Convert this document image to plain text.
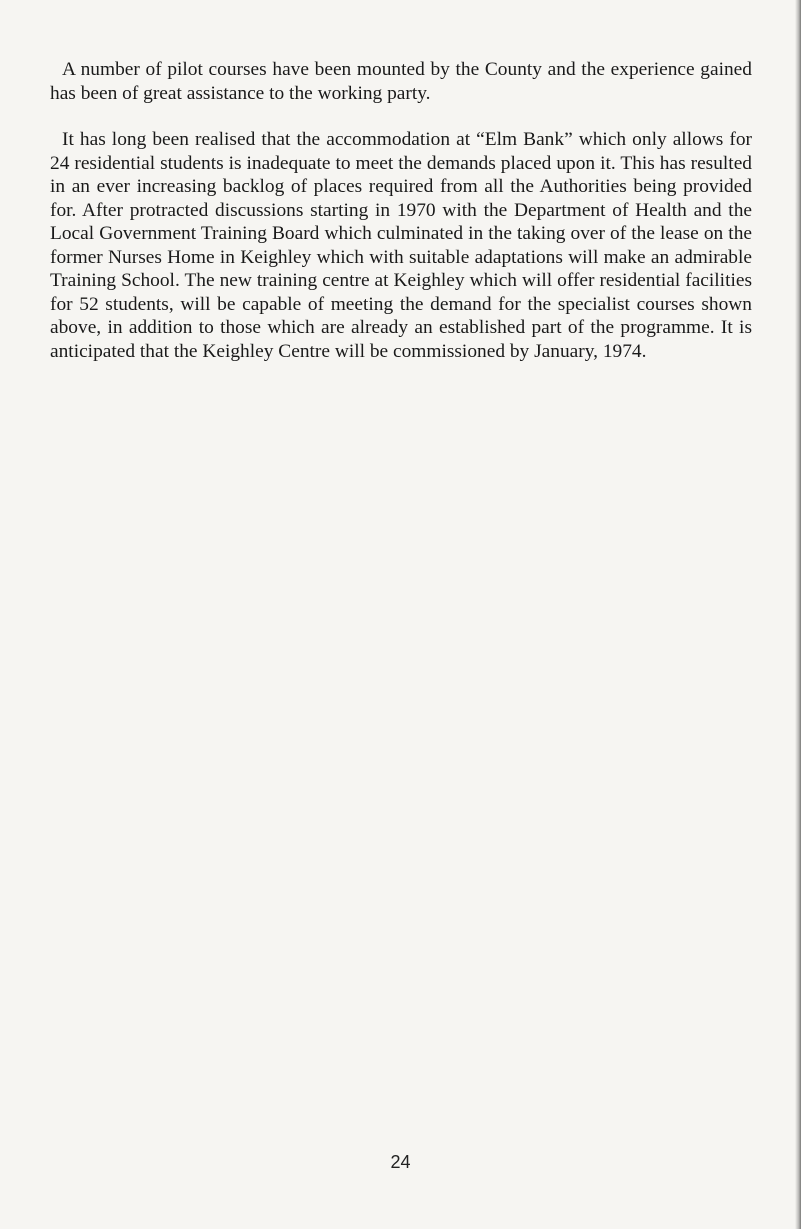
A number of pilot courses have been mounted by the County and the experience gained has been of great assistance to the working party.

It has long been realised that the accommodation at “Elm Bank” which only allows for 24 residential students is inadequate to meet the demands placed upon it. This has resulted in an ever increasing backlog of places required from all the Authorities being provided for. After protracted discussions starting in 1970 with the Department of Health and the Local Government Training Board which culminated in the taking over of the lease on the former Nurses Home in Keighley which with suitable adaptations will make an admirable Training School. The new training centre at Keighley which will offer residential facilities for 52 students, will be capable of meeting the demand for the specialist courses shown above, in addition to those which are already an established part of the programme. It is anticipated that the Keighley Centre will be commissioned by January, 1974.

24
